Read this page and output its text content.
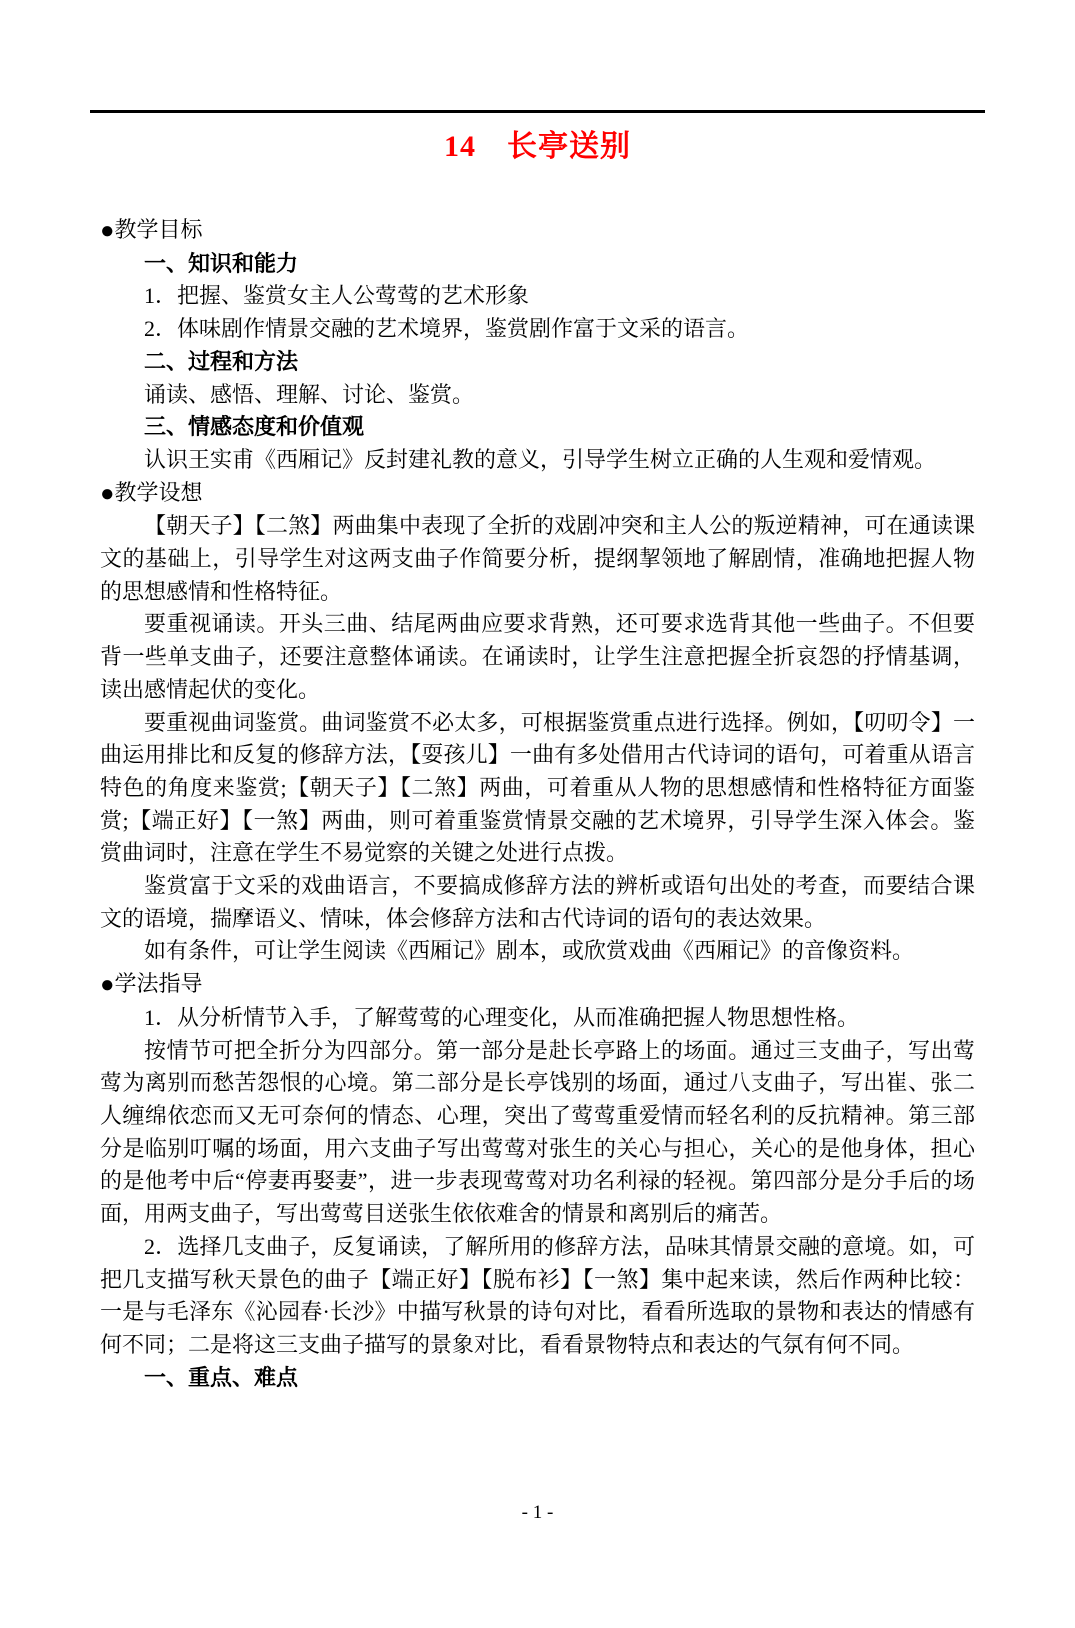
14　长亭送别
●教学目标
一、知识和能力
1．把握、鉴赏女主人公莺莺的艺术形象
2．体味剧作情景交融的艺术境界，鉴赏剧作富于文采的语言。
二、过程和方法
诵读、感悟、理解、讨论、鉴赏。
三、情感态度和价值观
认识王实甫《西厢记》反封建礼教的意义，引导学生树立正确的人生观和爱情观。
●教学设想
【朝天子】【二煞】两曲集中表现了全折的戏剧冲突和主人公的叛逆精神，可在通读课文的基础上，引导学生对这两支曲子作简要分析，提纲挈领地了解剧情，准确地把握人物的思想感情和性格特征。
要重视诵读。开头三曲、结尾两曲应要求背熟，还可要求选背其他一些曲子。不但要背一些单支曲子，还要注意整体诵读。在诵读时，让学生注意把握全折哀怨的抒情基调，读出感情起伏的变化。
要重视曲词鉴赏。曲词鉴赏不必太多，可根据鉴赏重点进行选择。例如，【叨叨令】一曲运用排比和反复的修辞方法，【耍孩儿】一曲有多处借用古代诗词的语句，可着重从语言特色的角度来鉴赏;【朝天子】【二煞】两曲，可着重从人物的思想感情和性格特征方面鉴赏;【端正好】【一煞】两曲，则可着重鉴赏情景交融的艺术境界，引导学生深入体会。鉴赏曲词时，注意在学生不易觉察的关键之处进行点拨。
鉴赏富于文采的戏曲语言，不要搞成修辞方法的辨析或语句出处的考查，而要结合课文的语境，揣摩语义、情味，体会修辞方法和古代诗词的语句的表达效果。
如有条件，可让学生阅读《西厢记》剧本，或欣赏戏曲《西厢记》的音像资料。
●学法指导
1．从分析情节入手，了解莺莺的心理变化，从而准确把握人物思想性格。
按情节可把全折分为四部分。第一部分是赴长亭路上的场面。通过三支曲子，写出莺莺为离别而愁苦怨恨的心境。第二部分是长亭饯别的场面，通过八支曲子，写出崔、张二人缠绵依恋而又无可奈何的情态、心理，突出了莺莺重爱情而轻名利的反抗精神。第三部分是临别叮嘱的场面，用六支曲子写出莺莺对张生的关心与担心，关心的是他身体，担心的是他考中后“停妻再娶妻”，进一步表现莺莺对功名利禄的轻视。第四部分是分手后的场面，用两支曲子，写出莺莺目送张生依依难舍的情景和离别后的痛苦。
2．选择几支曲子，反复诵读，了解所用的修辞方法，品味其情景交融的意境。如，可把几支描写秋天景色的曲子【端正好】【脱布衫】【一煞】集中起来读，然后作两种比较：一是与毛泽东《沁园春·长沙》中描写秋景的诗句对比，看看所选取的景物和表达的情感有何不同；二是将这三支曲子描写的景象对比，看看景物特点和表达的气氛有何不同。
一、重点、难点
- 1 -
